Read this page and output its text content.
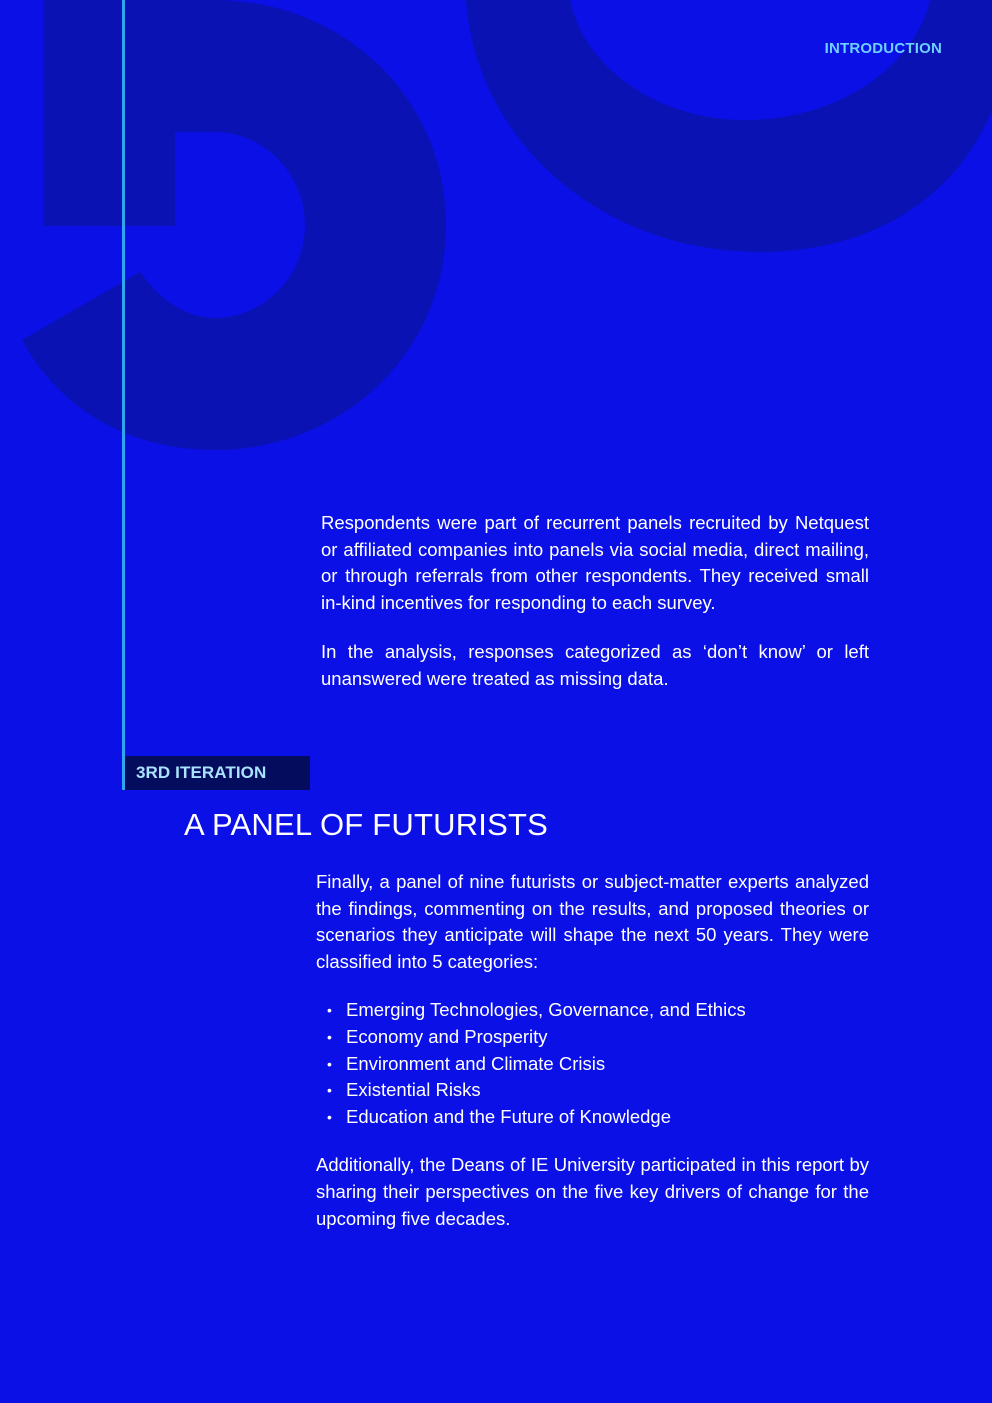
INTRODUCTION

Respondents were part of recurrent panels recruited by Netquest or affiliated companies into panels via social media, direct mailing, or through referrals from other respondents. They received small in-kind incentives for responding to each survey.

In the analysis, responses categorized as ‘don’t know’ or left unanswered were treated as missing data.

3RD ITERATION
A PANEL OF FUTURISTS

Finally, a panel of nine futurists or subject-matter experts analyzed the findings, commenting on the results, and proposed theories or scenarios they anticipate will shape the next 50 years. They were classified into 5 categories:

• Emerging Technologies, Governance, and Ethics
• Economy and Prosperity
• Environment and Climate Crisis
• Existential Risks
• Education and the Future of Knowledge

Additionally, the Deans of IE University participated in this report by sharing their perspectives on the five key drivers of change for the upcoming five decades.
